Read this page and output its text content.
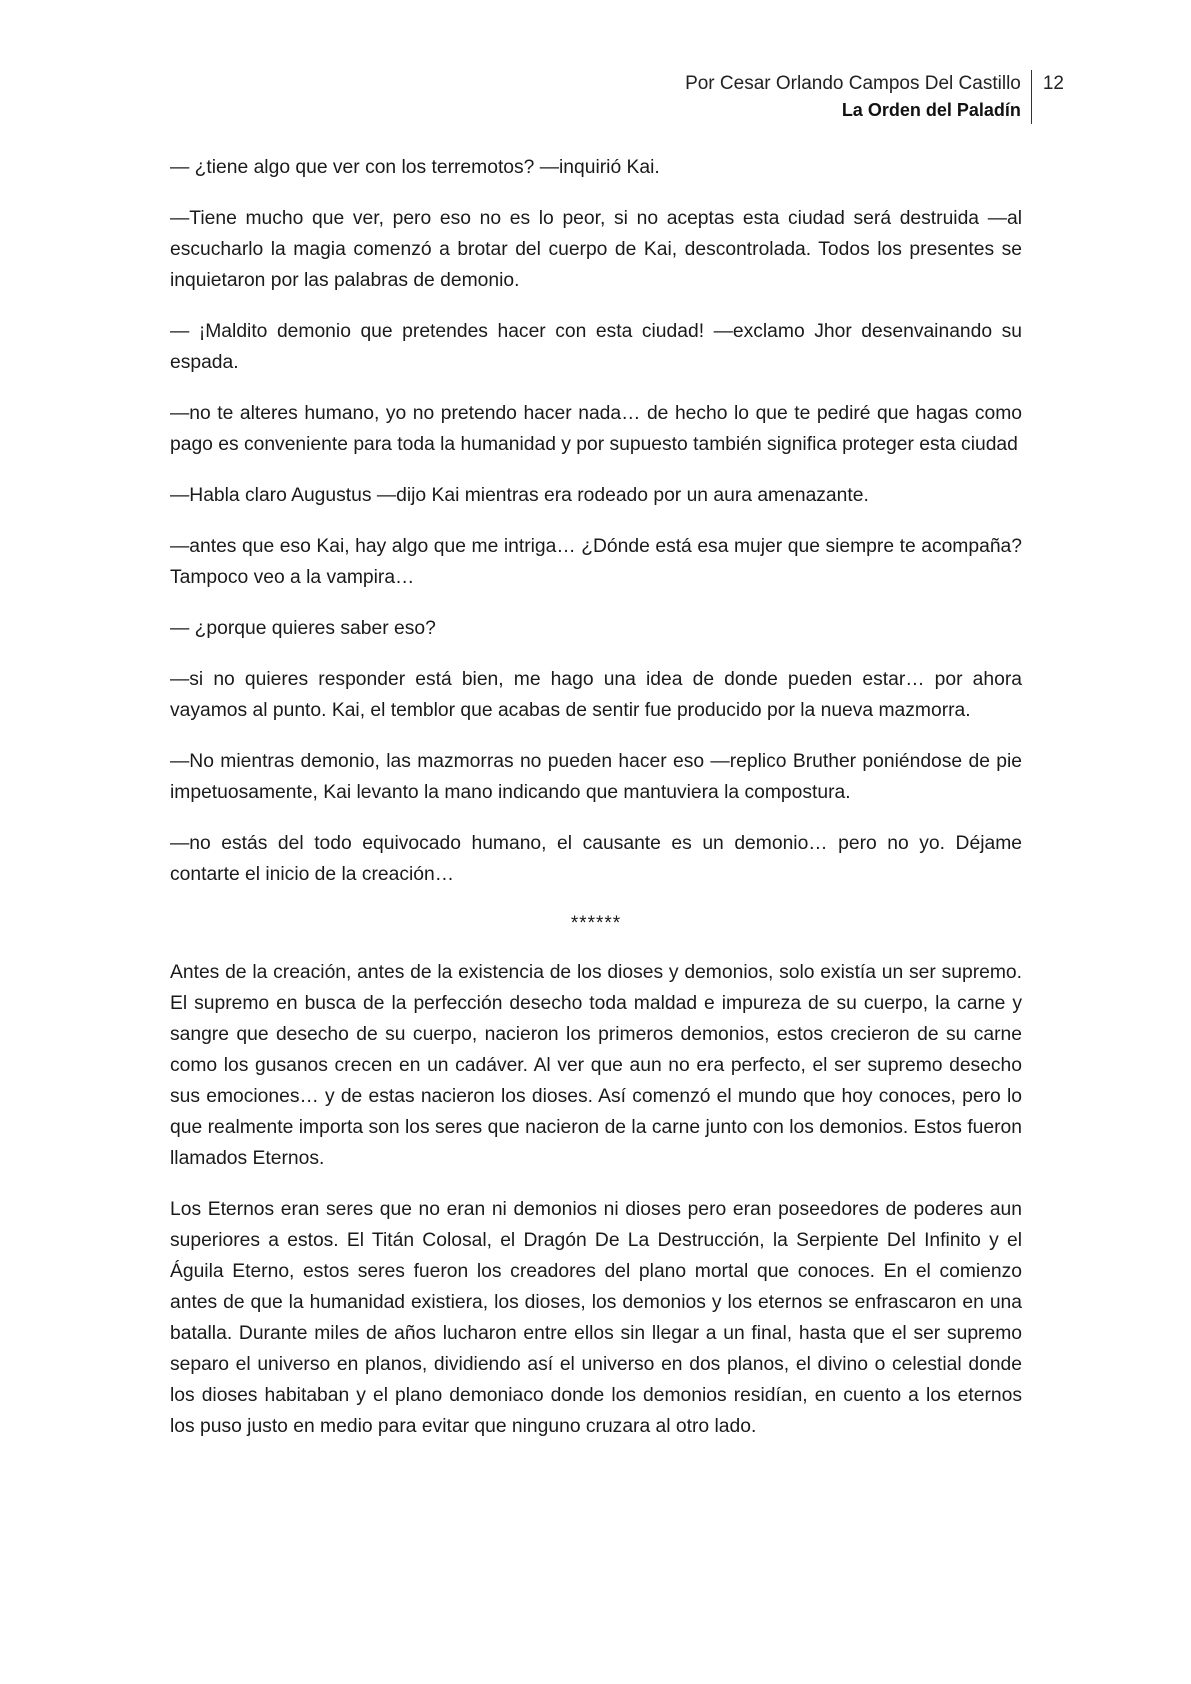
Por Cesar Orlando Campos Del Castillo
La Orden del Paladín
12

— ¿tiene algo que ver con los terremotos? —inquirió Kai.

—Tiene mucho que ver, pero eso no es lo peor, si no aceptas esta ciudad será destruida —al escucharlo la magia comenzó a brotar del cuerpo de Kai, descontrolada. Todos los presentes se inquietaron por las palabras de demonio.

— ¡Maldito demonio que pretendes hacer con esta ciudad! —exclamo Jhor desenvainando su espada.

—no te alteres humano, yo no pretendo hacer nada… de hecho lo que te pediré que hagas como pago es conveniente para toda la humanidad y por supuesto también significa proteger esta ciudad

—Habla claro Augustus —dijo Kai mientras era rodeado por un aura amenazante.

—antes que eso Kai, hay algo que me intriga… ¿Dónde está esa mujer que siempre te acompaña? Tampoco veo a la vampira…

— ¿porque quieres saber eso?

—si no quieres responder está bien, me hago una idea de donde pueden estar… por ahora vayamos al punto. Kai, el temblor que acabas de sentir fue producido por la nueva mazmorra.

—No mientras demonio, las mazmorras no pueden hacer eso —replico Bruther poniéndose de pie impetuosamente, Kai levanto la mano indicando que mantuviera la compostura.

—no estás del todo equivocado humano, el causante es un demonio… pero no yo. Déjame contarte el inicio de la creación…

******

Antes de la creación, antes de la existencia de los dioses y demonios, solo existía un ser supremo. El supremo en busca de la perfección desecho toda maldad e impureza de su cuerpo, la carne y sangre que desecho de su cuerpo, nacieron los primeros demonios, estos crecieron de su carne como los gusanos crecen en un cadáver. Al ver que aun no era perfecto, el ser supremo desecho sus emociones… y de estas nacieron los dioses. Así comenzó el mundo que hoy conoces, pero lo que realmente importa son los seres que nacieron de la carne junto con los demonios. Estos fueron llamados Eternos.

Los Eternos eran seres que no eran ni demonios ni dioses pero eran poseedores de poderes aun superiores a estos. El Titán Colosal, el Dragón De La Destrucción, la Serpiente Del Infinito y el Águila Eterno, estos seres fueron los creadores del plano mortal que conoces. En el comienzo antes de que la humanidad existiera, los dioses, los demonios y los eternos se enfrascaron en una batalla. Durante miles de años lucharon entre ellos sin llegar a un final, hasta que el ser supremo separo el universo en planos, dividiendo así el universo en dos planos, el divino o celestial donde los dioses habitaban y el plano demoniaco donde los demonios residían, en cuento a los eternos los puso justo en medio para evitar que ninguno cruzara al otro lado.
